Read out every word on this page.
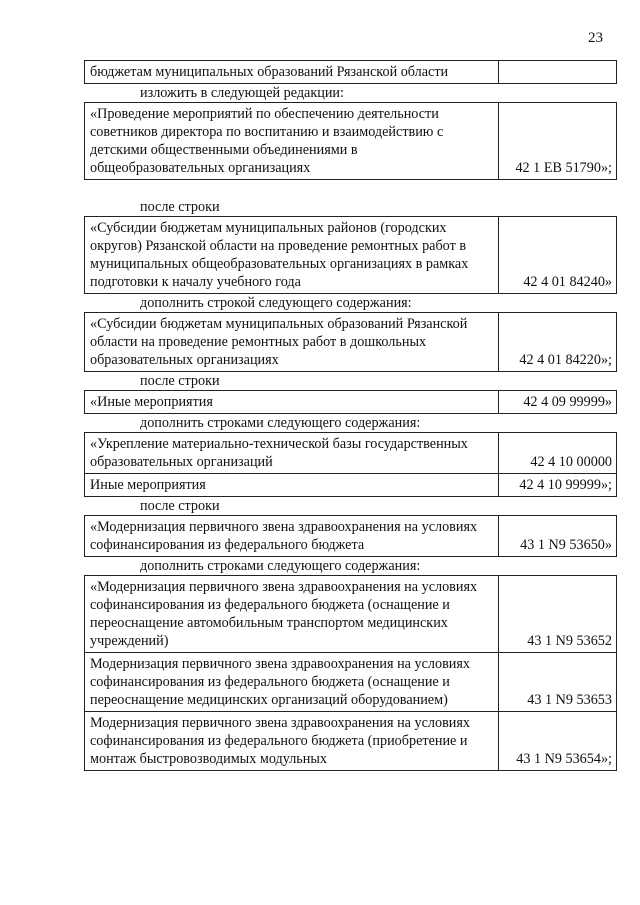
23
бюджетам муниципальных образований Рязанской области	
изложить в следующей редакции:
«Проведение мероприятий по обеспечению деятельности советников директора по воспитанию и взаимодействию с детскими общественными объединениями в общеобразовательных организациях	42 1 EB 51790»;
после строки
«Субсидии бюджетам муниципальных районов (городских округов) Рязанской области на проведение ремонтных работ в муниципальных общеобразовательных организациях в рамках подготовки к началу учебного года	42 4 01 84240»
дополнить строкой следующего содержания:
«Субсидии бюджетам муниципальных образований Рязанской области на проведение ремонтных работ в дошкольных образовательных организациях	42 4 01 84220»;
после строки
«Иные мероприятия	42 4 09 99999»
дополнить строками следующего содержания:
«Укрепление материально-технической базы государственных образовательных организаций	42 4 10 00000
Иные мероприятия	42 4 10 99999»;
после строки
«Модернизация первичного звена здравоохранения на условиях софинансирования из федерального бюджета	43 1 N9 53650»
дополнить строками следующего содержания:
«Модернизация первичного звена здравоохранения на условиях софинансирования из федерального бюджета (оснащение и переоснащение автомобильным транспортом медицинских учреждений)	43 1 N9 53652
Модернизация первичного звена здравоохранения на условиях софинансирования из федерального бюджета (оснащение и переоснащение медицинских организаций оборудованием)	43 1 N9 53653
Модернизация первичного звена здравоохранения на условиях софинансирования из федерального бюджета (приобретение и монтаж быстровозводимых модульных	43 1 N9 53654»;
